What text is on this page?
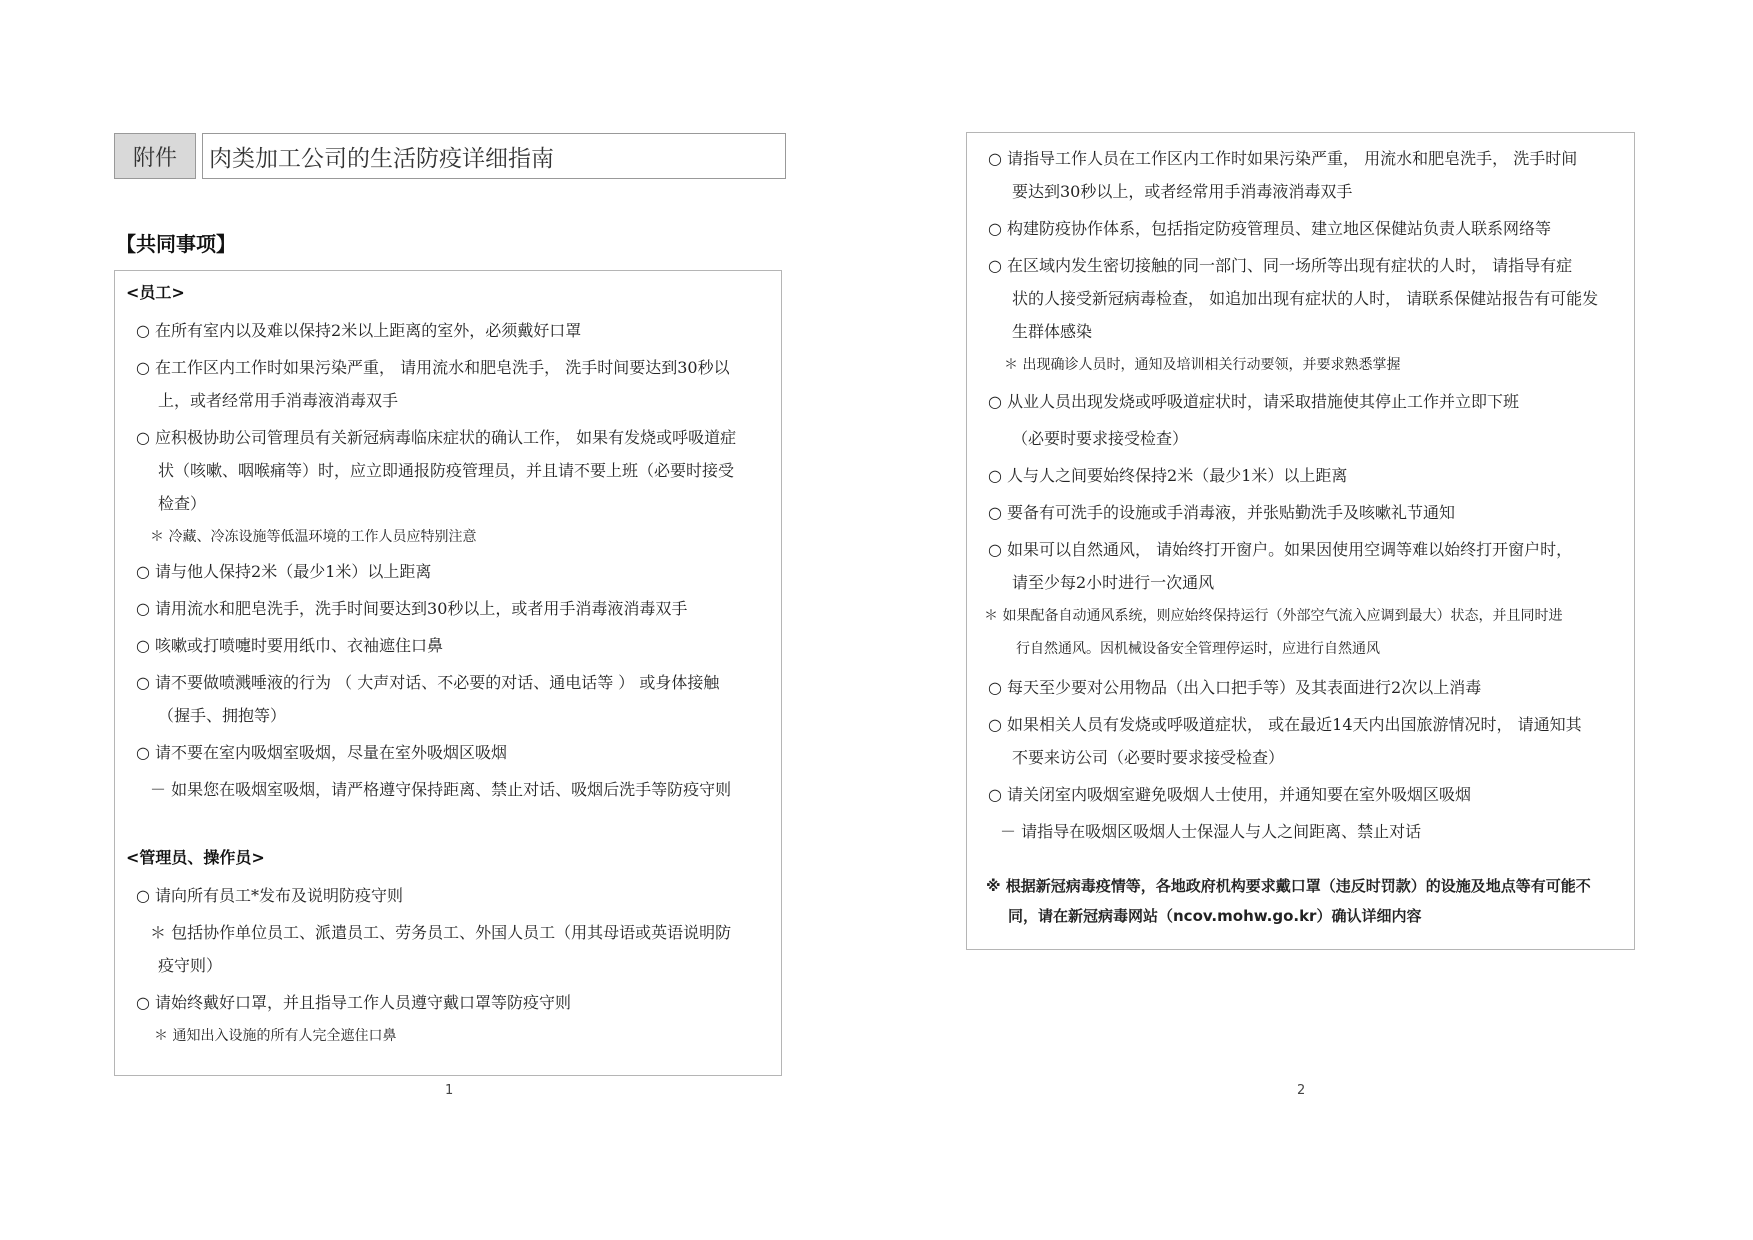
附件	肉类加工公司的生活防疫详细指南
【共同事项】
<员工>
○ 在所有室内以及难以保持2米以上距离的室外，必须戴好口罩
○ 在工作区内工作时如果污染严重， 请用流水和肥皂洗手， 洗手时间要达到30秒以
上，或者经常用手消毒液消毒双手
○ 应积极协助公司管理员有关新冠病毒临床症状的确认工作， 如果有发烧或呼吸道症
状（咳嗽、咽喉痛等）时，应立即通报防疫管理员，并且请不要上班（必要时接受
检查）
＊ 冷藏、冷冻设施等低温环境的工作人员应特别注意
○ 请与他人保持2米（最少1米）以上距离
○ 请用流水和肥皂洗手，洗手时间要达到30秒以上，或者用手消毒液消毒双手
○ 咳嗽或打喷嚏时要用纸巾、衣袖遮住口鼻
○ 请不要做喷溅唾液的行为 （ 大声对话、不必要的对话、通电话等 ） 或身体接触
（握手、拥抱等）
○ 请不要在室内吸烟室吸烟，尽量在室外吸烟区吸烟
－ 如果您在吸烟室吸烟，请严格遵守保持距离、禁止对话、吸烟后洗手等防疫守则
<管理员、操作员>
○ 请向所有员工*发布及说明防疫守则
＊ 包括协作单位员工、派遣员工、劳务员工、外国人员工（用其母语或英语说明防
疫守则）
○ 请始终戴好口罩，并且指导工作人员遵守戴口罩等防疫守则
＊ 通知出入设施的所有人完全遮住口鼻
1
○ 请指导工作人员在工作区内工作时如果污染严重， 用流水和肥皂洗手， 洗手时间
要达到30秒以上，或者经常用手消毒液消毒双手
○ 构建防疫协作体系，包括指定防疫管理员、建立地区保健站负责人联系网络等
○ 在区域内发生密切接触的同一部门、同一场所等出现有症状的人时， 请指导有症
状的人接受新冠病毒检查， 如追加出现有症状的人时， 请联系保健站报告有可能发
生群体感染
＊ 出现确诊人员时，通知及培训相关行动要领，并要求熟悉掌握
○ 从业人员出现发烧或呼吸道症状时，请采取措施使其停止工作并立即下班
（必要时要求接受检查）
○ 人与人之间要始终保持2米（最少1米）以上距离
○ 要备有可洗手的设施或手消毒液，并张贴勤洗手及咳嗽礼节通知
○ 如果可以自然通风， 请始终打开窗户。如果因使用空调等难以始终打开窗户时，
请至少每2小时进行一次通风
＊ 如果配备自动通风系统，则应始终保持运行（外部空气流入应调到最大）状态，并且同时进
行自然通风。因机械设备安全管理停运时，应进行自然通风
○ 每天至少要对公用物品（出入口把手等）及其表面进行2次以上消毒
○ 如果相关人员有发烧或呼吸道症状， 或在最近14天内出国旅游情况时， 请通知其
不要来访公司（必要时要求接受检查）
○ 请关闭室内吸烟室避免吸烟人士使用，并通知要在室外吸烟区吸烟
－ 请指导在吸烟区吸烟人士保湿人与人之间距离、禁止对话
※ 根据新冠病毒疫情等，各地政府机构要求戴口罩（违反时罚款）的设施及地点等有可能不
同，请在新冠病毒网站（ncov.mohw.go.kr）确认详细内容
2
